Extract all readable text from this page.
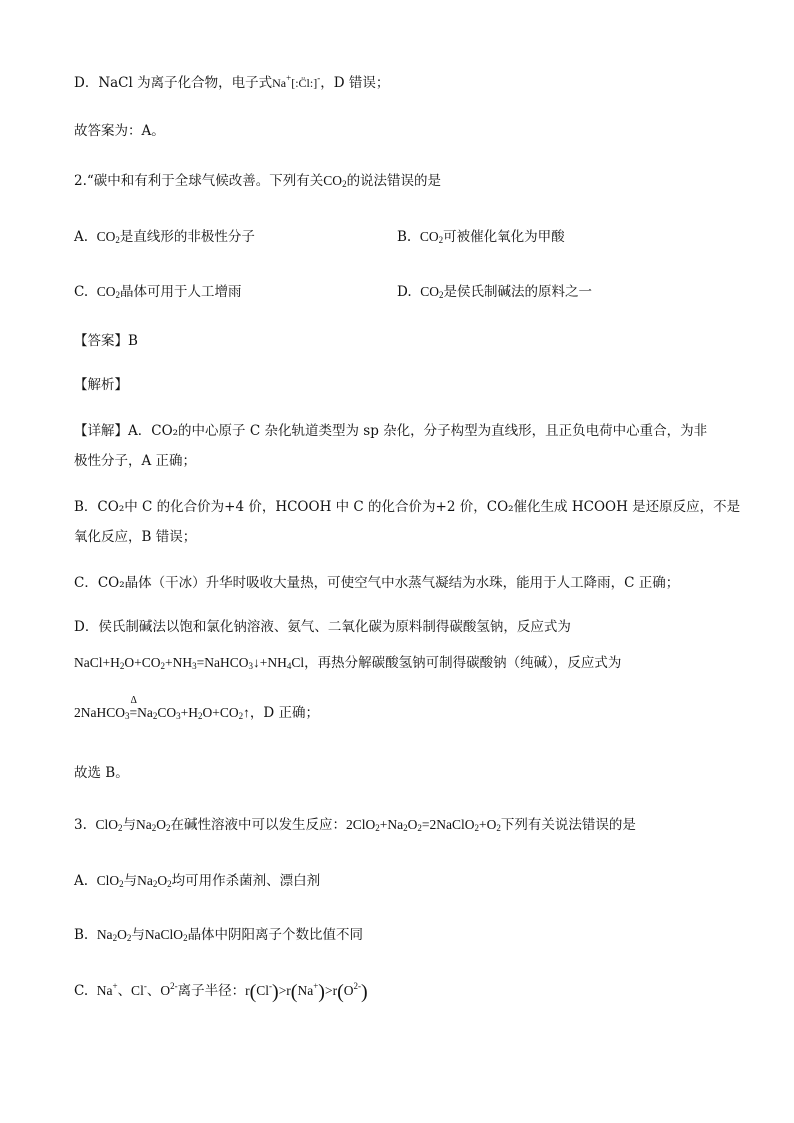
D．NaCl 为离子化合物，电子式Na+[:C̈l:]-，D 错误；
故答案为：A。
2.“碳中和有利于全球气候改善。下列有关$CO_2$的说法错误的是
A. $CO_2$是直线形的非极性分子	B. $CO_2$可被催化氧化为甲酸
C. $CO_2$晶体可用于人工增雨	D. $CO_2$是侯氏制碱法的原料之一
【答案】B
【解析】
【详解】A．CO₂的中心原子 C 杂化轨道类型为 sp 杂化，分子构型为直线形，且正负电荷中心重合，为非
极性分子，A 正确；
B．CO₂中 C 的化合价为+4 价，HCOOH 中 C 的化合价为+2 价，CO₂催化生成 HCOOH 是还原反应，不是
氧化反应，B 错误；
C．CO₂晶体（干冰）升华时吸收大量热，可使空气中水蒸气凝结为水珠，能用于人工降雨，C 正确；
D．侯氏制碱法以饱和氯化钠溶液、氨气、二氧化碳为原料制得碳酸氢钠，反应式为
$NaCl+H_2O+CO_2+NH_3=NaHCO_3↓+NH_4Cl$，再热分解碳酸氢钠可制得碳酸钠（纯碱），反应式为
2NaHCO$_3$
Δ
$=Na_2CO_3+H_2O+CO_2↑$，D 正确；
故选 B。
3. ClO$_2$与$Na_2O_2$在碱性溶液中可以发生反应：$2ClO_2+Na_2O_2=2NaClO_2+O_2$下列有关说法错误的是
A. ClO$_2$与$Na_2O_2$均可用作杀菌剂、漂白剂
B. $Na_2O_2$与NaClO$_2$晶体中阴阳离子个数比值不同
C. Na+、Cl-、$O^{2-}$离子半径：$r(Cl^-)>r(Na^+)>r(O^{2-})$
